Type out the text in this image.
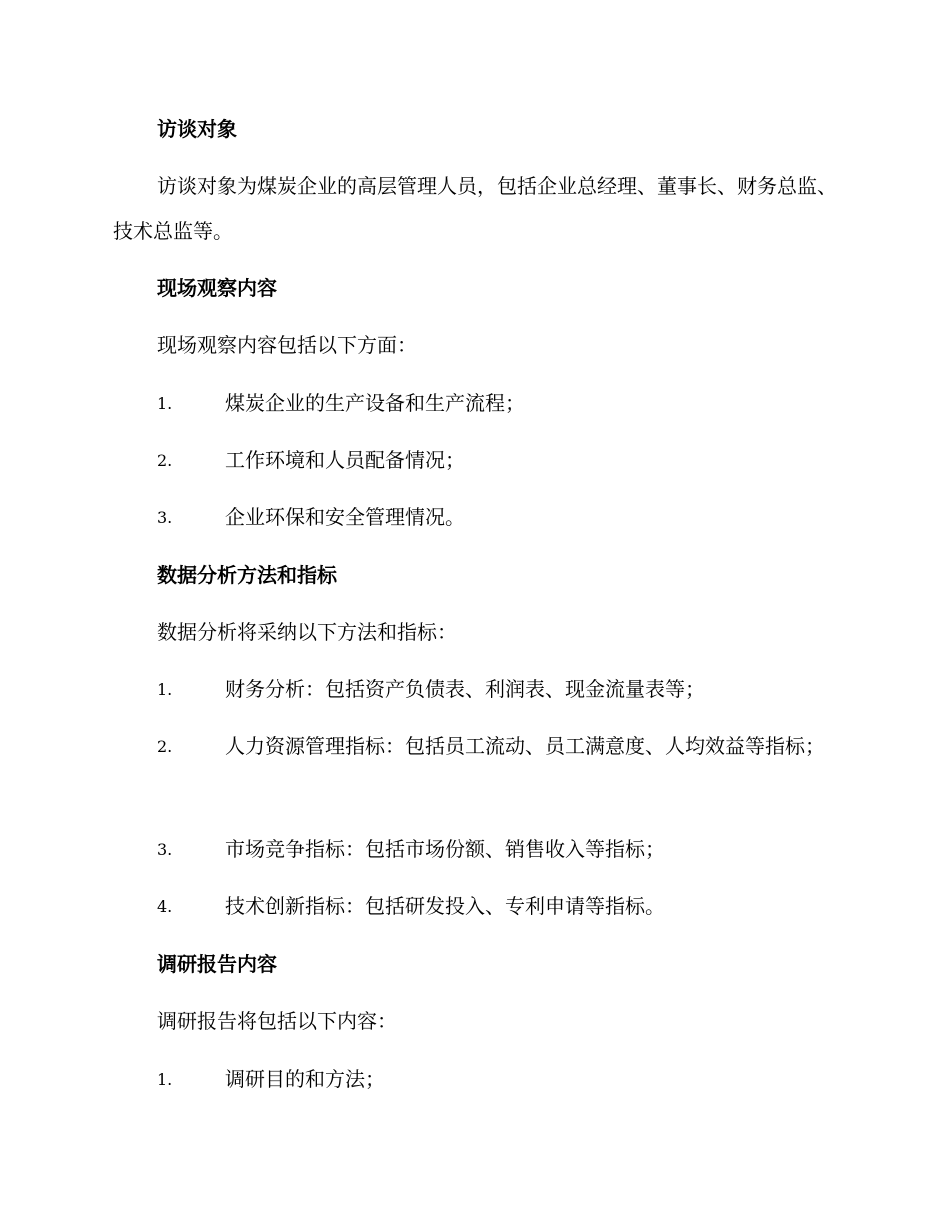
访谈对象
访谈对象为煤炭企业的高层管理人员，包括企业总经理、董事长、财务总监、技术总监等。
现场观察内容
现场观察内容包括以下方面：
1.	煤炭企业的生产设备和生产流程；
2.	工作环境和人员配备情况；
3.	企业环保和安全管理情况。
数据分析方法和指标
数据分析将采纳以下方法和指标：
1.	财务分析：包括资产负债表、利润表、现金流量表等；
2.	人力资源管理指标：包括员工流动、员工满意度、人均效益等指标；
3.	市场竞争指标：包括市场份额、销售收入等指标；
4.	技术创新指标：包括研发投入、专利申请等指标。
调研报告内容
调研报告将包括以下内容：
1.	调研目的和方法；
